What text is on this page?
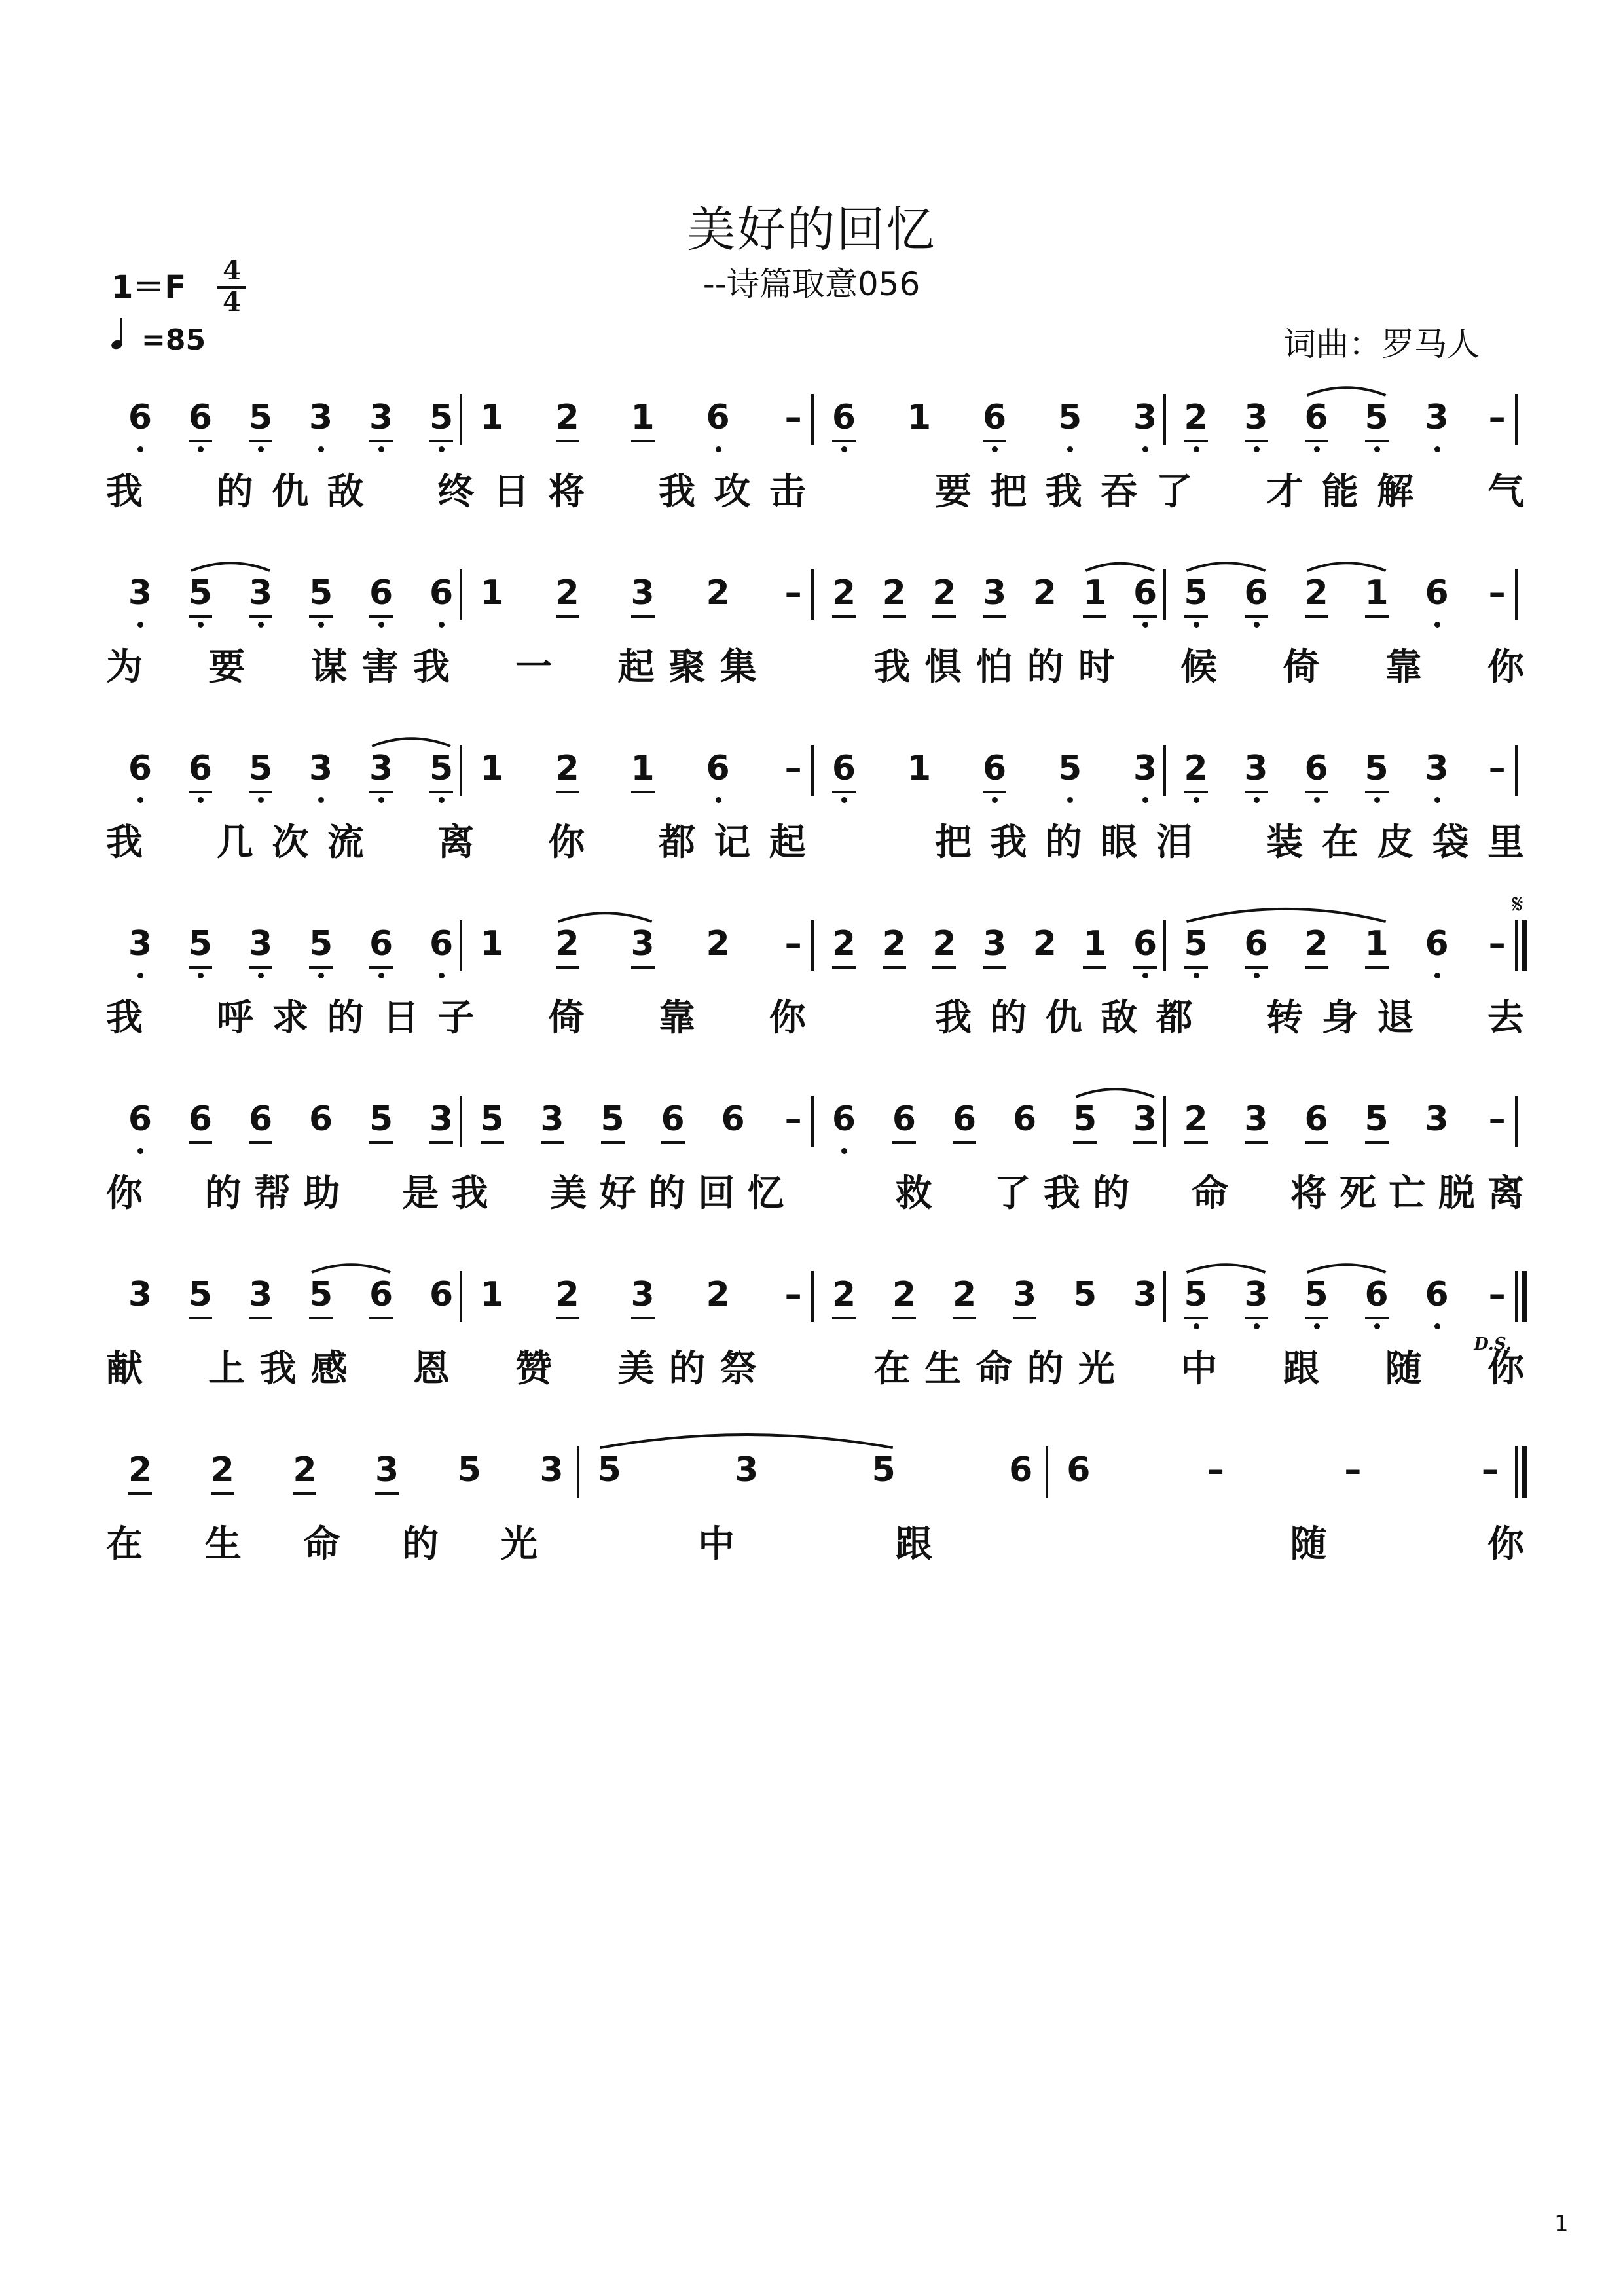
美好的回忆
--诗篇取意056
1＝F 4
4
=85	词曲：罗马人
6	6	5	3	3	5 1	2	1	6	– 6	1	6	5	3 2	3	6	5	3	–
我 的 仇 敌 终 日 将 我 攻 击	要 把 我 吞 了 才 能 解 气
3	5	3	5	6	6 1	2	3	2	– 2 2 2 3 2 1 6 5	6	2	1	6	–
为 要 谋 害 我 一 起 聚 集	我 惧 怕 的 时 候 倚 靠 你
6	6	5	3	3	5 1	2	1	6	– 6	1	6	5	3 2	3	6	5	3	–
我 几 次 流 离 你 都 记 起	把 我 的 眼 泪 装 在 皮 袋 里
3	5	3	5	6	6 1	2	3	2	– 2 2 2 3 2 1 6 5	6	2	1	6	–
我 呼 求 的 日 子 倚 靠 你	我 的 仇 敌 都 转 身 退 去
𝄋
6	6	6	6	5	3 5	3	5	6	6	– 6	6	6	6	5	3 2	3	6	5	3	–
你 的 帮 助 是 我 美 好 的 回 忆	救 了 我 的 命 将 死 亡 脱 离
3	5	3	5	6	6 1	2	3	2	– 2	2	2	3	5	3 5	3	5	6	6	–
献 上 我 感 恩 赞 美 的 祭	在 生 命 的 光 中 跟 随 你
D.S.
2	2	2	3	5	3 5	3	5	6 6	–	–	–
在 生 命 的 光	中	跟	随	你
1
